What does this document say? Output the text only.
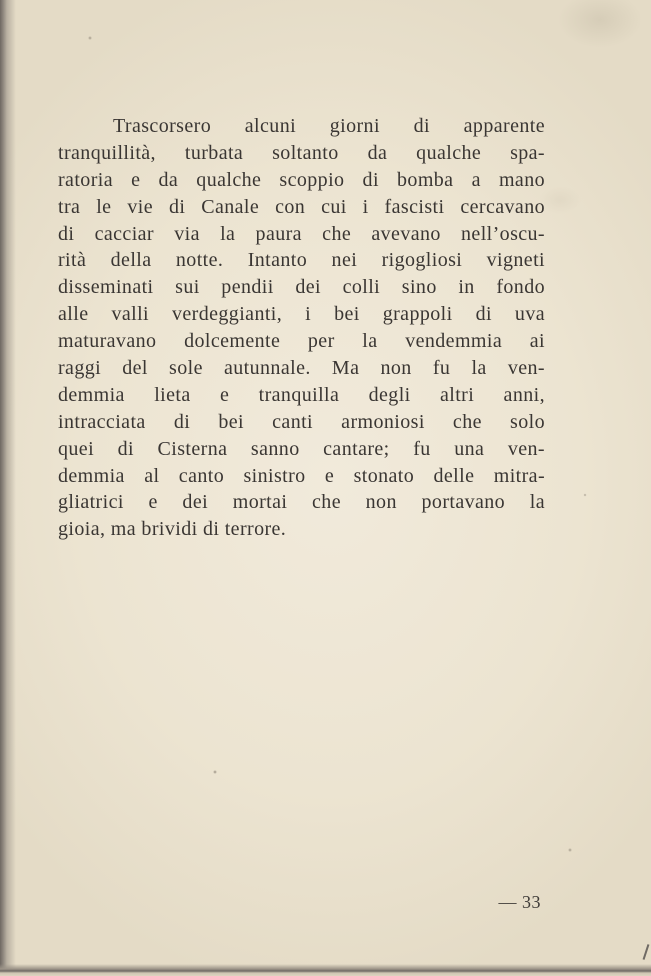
Trascorsero alcuni giorni di apparente
tranquillità, turbata soltanto da qualche spa-
ratoria e da qualche scoppio di bomba a mano
tra le vie di Canale con cui i fascisti cercavano
di cacciar via la paura che avevano nell’oscu-
rità della notte. Intanto nei rigogliosi vigneti
disseminati sui pendii dei colli sino in fondo
alle valli verdeggianti, i bei grappoli di uva
maturavano dolcemente per la vendemmia ai
raggi del sole autunnale. Ma non fu la ven-
demmia lieta e tranquilla degli altri anni,
intracciata di bei canti armoniosi che solo
quei di Cisterna sanno cantare; fu una ven-
demmia al canto sinistro e stonato delle mitra-
gliatrici e dei mortai che non portavano la
gioia, ma brividi di terrore.
— 33
